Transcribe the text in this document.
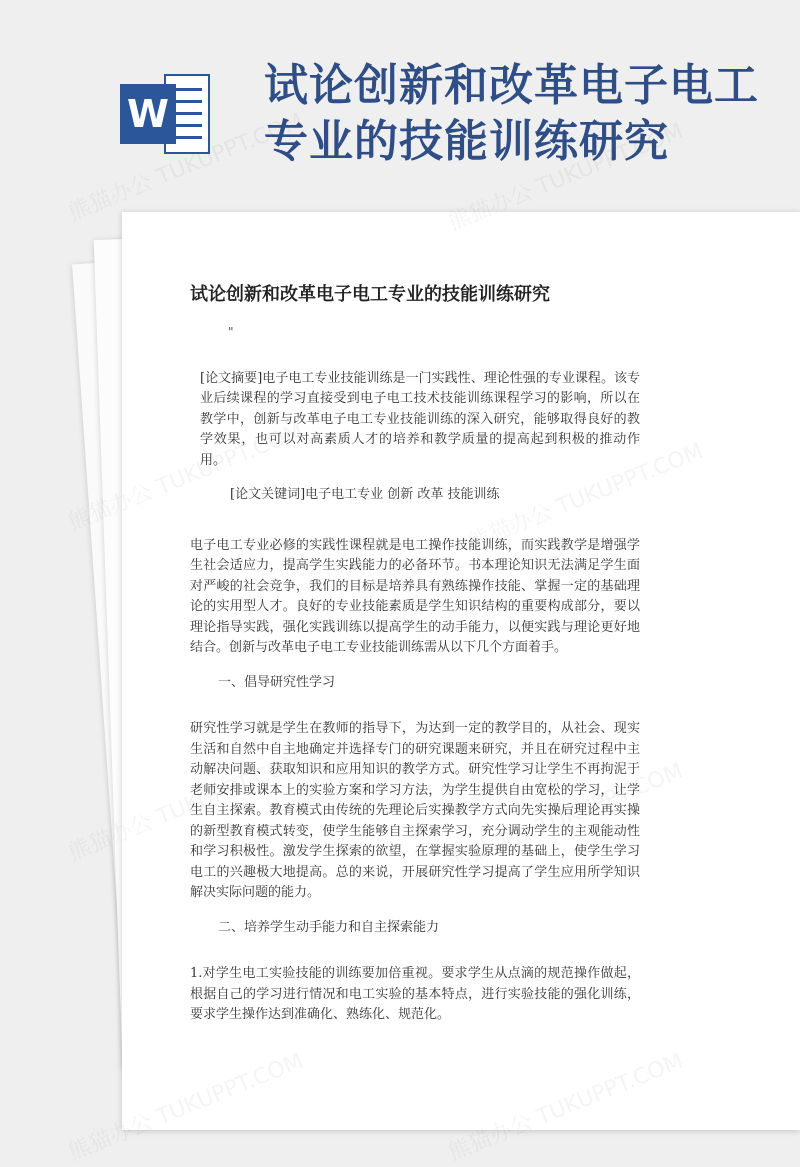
W
试论创新和改革电子电工专业的技能训练研究

试论创新和改革电子电工专业的技能训练研究

"

[论文摘要]电子电工专业技能训练是一门实践性、理论性强的专业课程。该专业后续课程的学习直接受到电子电工技术技能训练课程学习的影响，所以在教学中，创新与改革电子电工专业技能训练的深入研究，能够取得良好的教学效果，也可以对高素质人才的培养和教学质量的提高起到积极的推动作用。

[论文关键词]电子电工专业 创新 改革 技能训练

电子电工专业必修的实践性课程就是电工操作技能训练，而实践教学是增强学生社会适应力，提高学生实践能力的必备环节。书本理论知识无法满足学生面对严峻的社会竞争，我们的目标是培养具有熟练操作技能、掌握一定的基础理论的实用型人才。良好的专业技能素质是学生知识结构的重要构成部分，要以理论指导实践，强化实践训练以提高学生的动手能力，以便实践与理论更好地结合。创新与改革电子电工专业技能训练需从以下几个方面着手。

一、倡导研究性学习

研究性学习就是学生在教师的指导下，为达到一定的教学目的，从社会、现实生活和自然中自主地确定并选择专门的研究课题来研究，并且在研究过程中主动解决问题、获取知识和应用知识的教学方式。研究性学习让学生不再拘泥于老师安排或课本上的实验方案和学习方法，为学生提供自由宽松的学习，让学生自主探索。教育模式由传统的先理论后实操教学方式向先实操后理论再实操的新型教育模式转变，使学生能够自主探索学习，充分调动学生的主观能动性和学习积极性。激发学生探索的欲望，在掌握实验原理的基础上，使学生学习电工的兴趣极大地提高。总的来说，开展研究性学习提高了学生应用所学知识解决实际问题的能力。

二、培养学生动手能力和自主探索能力

1.对学生电工实验技能的训练要加倍重视。要求学生从点滴的规范操作做起，根据自己的学习进行情况和电工实验的基本特点，进行实验技能的强化训练，要求学生操作达到准确化、熟练化、规范化。
